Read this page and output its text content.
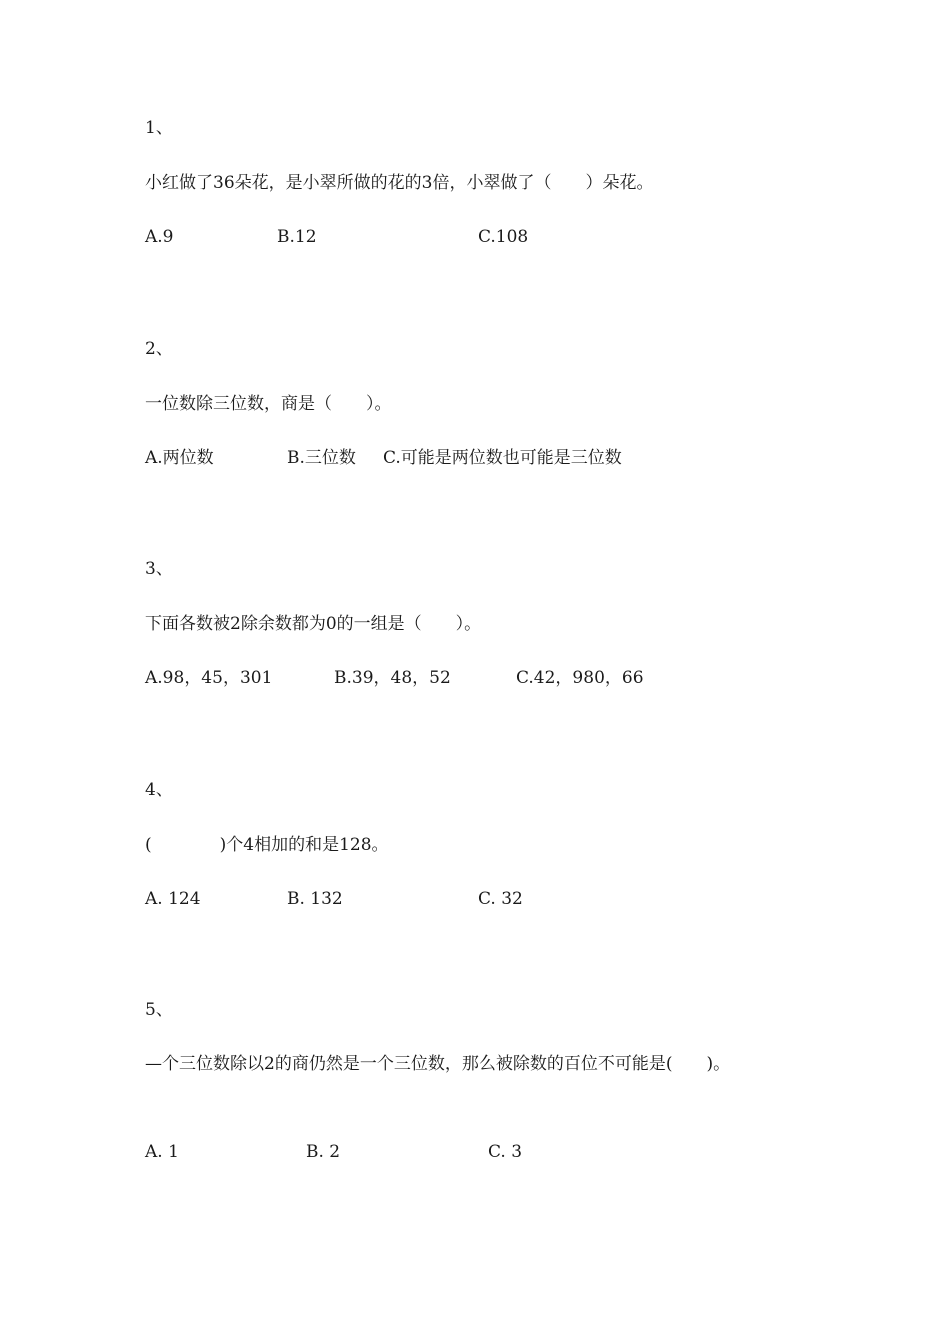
1、
小红做了36朵花，是小翠所做的花的3倍，小翠做了（　　）朵花。
A.9	B.12	C.108
2、
一位数除三位数，商是（　　）。
A.两位数	B.三位数 C.可能是两位数也可能是三位数
3、
下面各数被2除余数都为0的一组是（　　）。
A.98，45，301	B.39，48，52	C.42，980，66
4、
(　　　　)个4相加的和是128。
A. 124	B. 132	C. 32
5、
—个三位数除以2的商仍然是一个三位数，那么被除数的百位不可能是(　　)。
A. 1	B. 2	C. 3
